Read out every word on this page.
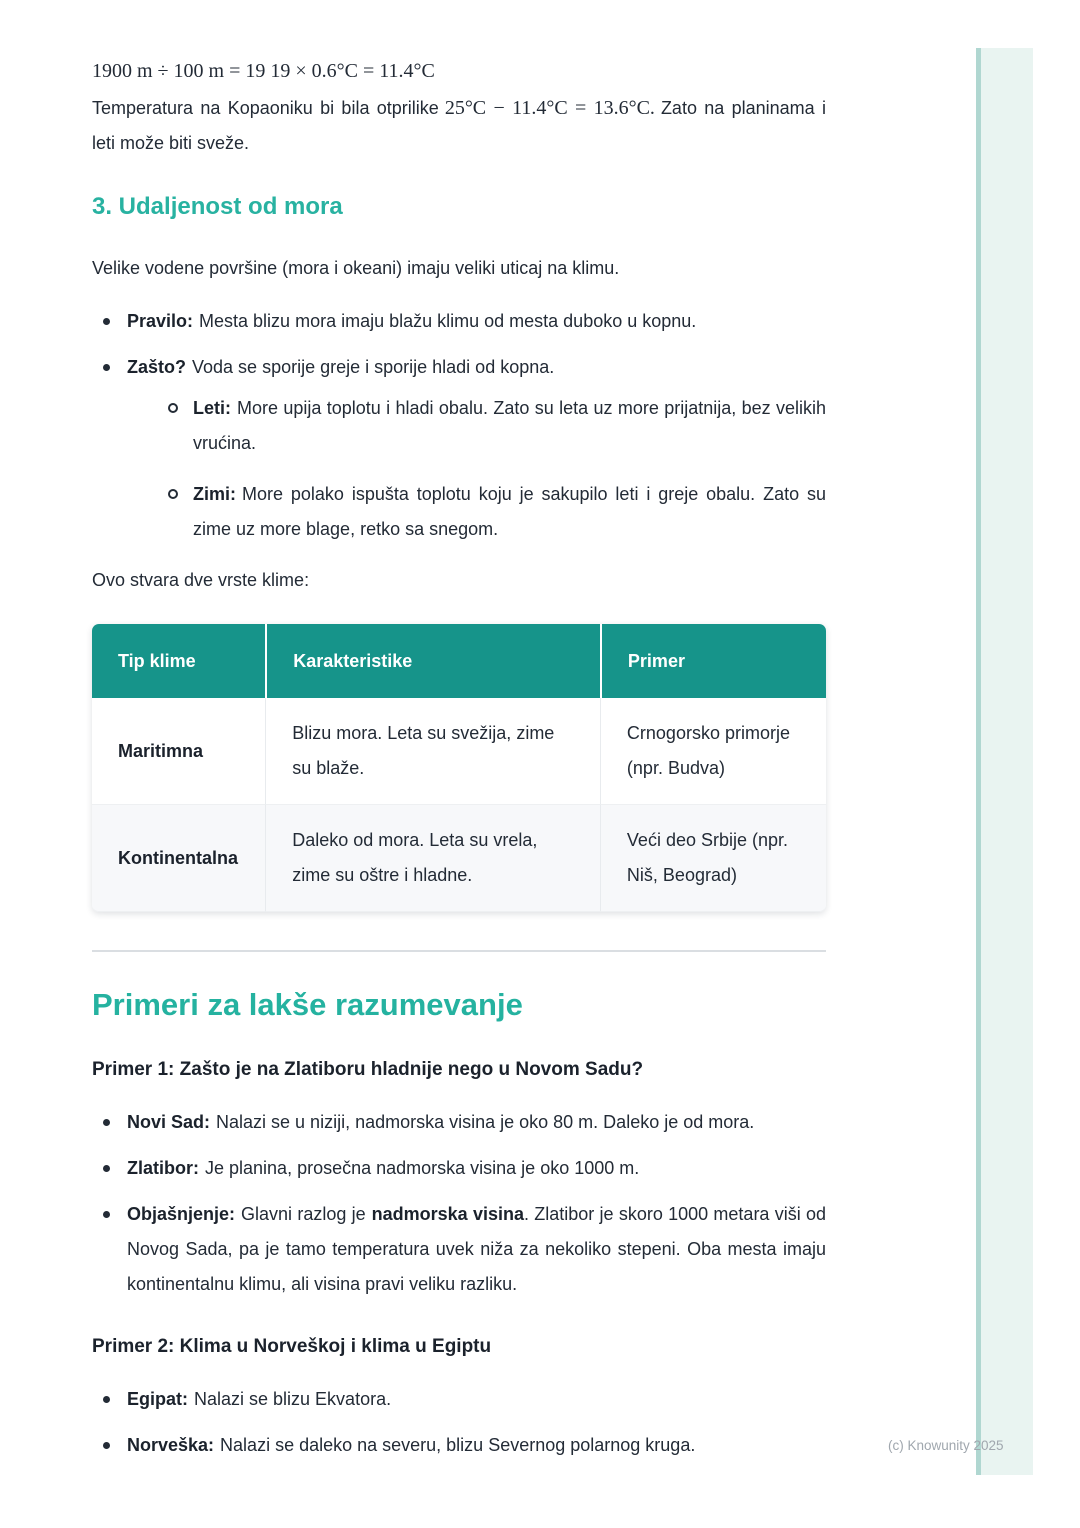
1900 m ÷ 100 m = 19 19 × 0.6°C = 11.4°C

Temperatura na Kopaoniku bi bila otprilike 25°C − 11.4°C = 13.6°C. Zato na planinama i leti može biti sveže.

3. Udaljenost od mora

Velike vodene površine (mora i okeani) imaju veliki uticaj na klimu.

Pravilo: Mesta blizu mora imaju blažu klimu od mesta duboko u kopnu.
Zašto? Voda se sporije greje i sporije hladi od kopna.
Leti: More upija toplotu i hladi obalu. Zato su leta uz more prijatnija, bez velikih vrućina.
Zimi: More polako ispušta toplotu koju je sakupilo leti i greje obalu. Zato su zime uz more blage, retko sa snegom.

Ovo stvara dve vrste klime:

Tip klime	Karakteristike	Primer
Maritimna	Blizu mora. Leta su svežija, zime su blaže.	Crnogorsko primorje (npr. Budva)
Kontinentalna	Daleko od mora. Leta su vrela, zime su oštre i hladne.	Veći deo Srbije (npr. Niš, Beograd)
Primeri za lakše razumevanje

Primer 1: Zašto je na Zlatiboru hladnije nego u Novom Sadu?

Novi Sad: Nalazi se u niziji, nadmorska visina je oko 80 m. Daleko je od mora.
Zlatibor: Je planina, prosečna nadmorska visina je oko 1000 m.
Objašnjenje: Glavni razlog je nadmorska visina. Zlatibor je skoro 1000 metara viši od Novog Sada, pa je tamo temperatura uvek niža za nekoliko stepeni. Oba mesta imaju kontinentalnu klimu, ali visina pravi veliku razliku.

Primer 2: Klima u Norveškoj i klima u Egiptu

Egipat: Nalazi se blizu Ekvatora.
Norveška: Nalazi se daleko na severu, blizu Severnog polarnog kruga.	(c) Knowunity 2025
